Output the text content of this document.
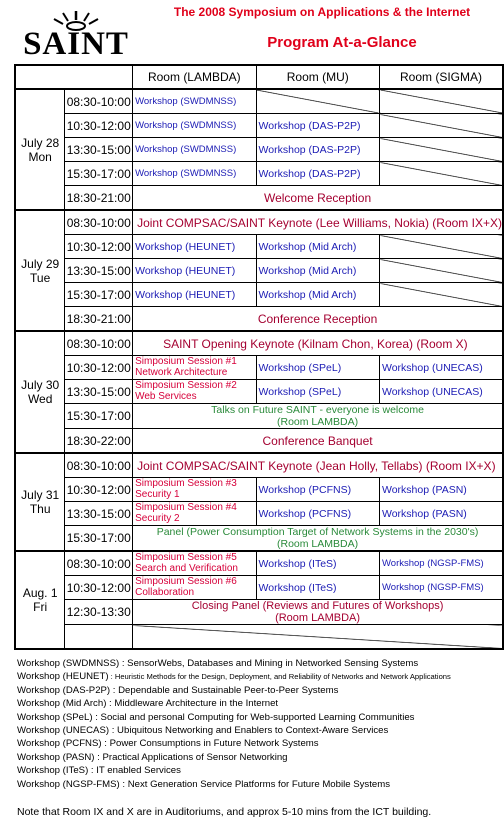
SAINT
The 2008 Symposium on Applications & the Internet
Program At-a-Glance
		Room (LAMBDA)	Room (MU)	Room (SIGMA)
July 28
Mon	08:30-10:00	Workshop (SWDMNSS)		
	10:30-12:00	Workshop (SWDMNSS)	Workshop (DAS-P2P)	
	13:30-15:00	Workshop (SWDMNSS)	Workshop (DAS-P2P)	
	15:30-17:00	Workshop (SWDMNSS)	Workshop (DAS-P2P)	
	18:30-21:00	Welcome Reception		
July 29
Tue	08:30-10:00	Joint COMPSAC/SAINT Keynote (Lee Williams, Nokia) (Room IX+X)		
	10:30-12:00	Workshop (HEUNET)	Workshop (Mid Arch)	
	13:30-15:00	Workshop (HEUNET)	Workshop (Mid Arch)	
	15:30-17:00	Workshop (HEUNET)	Workshop (Mid Arch)	
	18:30-21:00	Conference Reception		
July 30
Wed	08:30-10:00	SAINT Opening Keynote (Kilnam Chon, Korea) (Room X)		
	10:30-12:00	Simposium Session #1
Network Architecture	Workshop (SPeL)	Workshop (UNECAS)
	13:30-15:00	Simposium Session #2
Web Services	Workshop (SPeL)	Workshop (UNECAS)
	15:30-17:00	Talks on Future SAINT - everyone is welcome
(Room LAMBDA)		
	18:30-22:00	Conference Banquet		
July 31
Thu	08:30-10:00	Joint COMPSAC/SAINT Keynote (Jean Holly, Tellabs) (Room IX+X)		
	10:30-12:00	Simposium Session #3
Security 1	Workshop (PCFNS)	Workshop (PASN)
	13:30-15:00	Simposium Session #4
Security 2	Workshop (PCFNS)	Workshop (PASN)
	15:30-17:00	Panel (Power Consumption Target of Network Systems in the 2030's)
(Room LAMBDA)		
Aug. 1
Fri	08:30-10:00	Simposium Session #5
Search and Verification	Workshop (ITeS)	Workshop (NGSP-FMS)
	10:30-12:00	Simposium Session #6
Collaboration	Workshop (ITeS)	Workshop (NGSP-FMS)
	12:30-13:30	Closing Panel (Reviews and Futures of Workshops)
(Room LAMBDA)		

Workshop (SWDMNSS) : SensorWebs, Databases and Mining in Networked Sensing Systems
Workshop (HEUNET) : Heuristic Methods for the Design, Deployment, and Reliability of Networks and Network Applications
Workshop (DAS-P2P) : Dependable and Sustainable Peer-to-Peer Systems
Workshop (Mid Arch) : Middleware Architecture in the Internet
Workshop (SPeL) : Social and personal Computing for Web-supported Learning Communities
Workshop (UNECAS) : Ubiquitous Networking and Enablers to Context-Aware Services
Workshop (PCFNS) : Power Consumptions in Future Network Systems
Workshop (PASN) : Practical Applications of Sensor Networking
Workshop (ITeS) : IT enabled Services
Workshop (NGSP-FMS) : Next Generation Service Platforms for Future Mobile Systems
Note that Room IX and X are in Auditoriums, and approx 5-10 mins from the ICT building.
